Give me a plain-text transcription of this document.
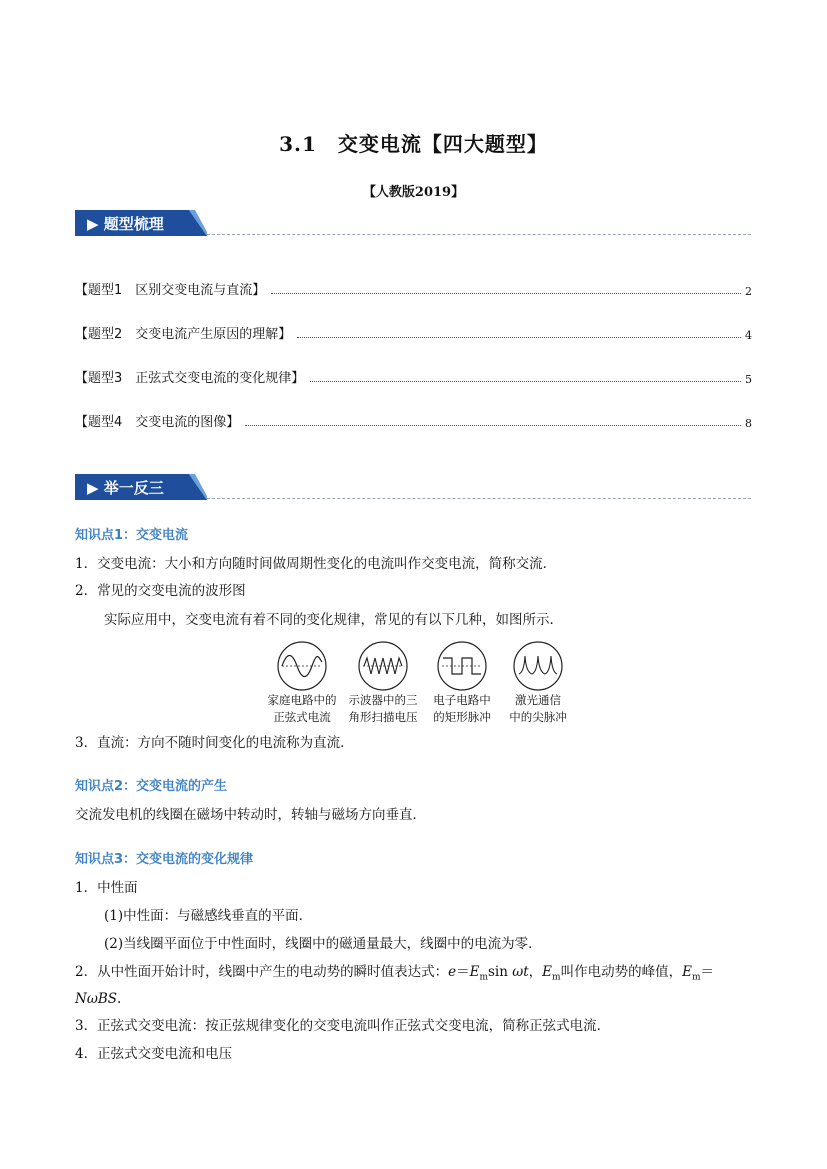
3.1　交变电流【四大题型】
【人教版2019】
▶ 题型梳理
【题型1　区别交变电流与直流】	2
【题型2　交变电流产生原因的理解】	4
【题型3　正弦式交变电流的变化规律】	5
【题型4　交变电流的图像】	8
▶ 举一反三
知识点1：交变电流
1．交变电流：大小和方向随时间做周期性变化的电流叫作交变电流，简称交流．
2．常见的交变电流的波形图
实际应用中，交变电流有着不同的变化规律，常见的有以下几种，如图所示．
家庭电路中的
正弦式电流
示波器中的三
角形扫描电压
电子电路中
的矩形脉冲
激光通信
中的尖脉冲
3．直流：方向不随时间变化的电流称为直流．
知识点2：交变电流的产生
交流发电机的线圈在磁场中转动时，转轴与磁场方向垂直．
知识点3：交变电流的变化规律
1．中性面
(1)中性面：与磁感线垂直的平面．
(2)当线圈平面位于中性面时，线圈中的磁通量最大，线圈中的电流为零．
2．从中性面开始计时，线圈中产生的电动势的瞬时值表达式：$e=E_m\sin$ ωt，$E_m$叫作电动势的峰值，$E_m=$
NωBS.
3．正弦式交变电流：按正弦规律变化的交变电流叫作正弦式交变电流，简称正弦式电流．
4．正弦式交变电流和电压
